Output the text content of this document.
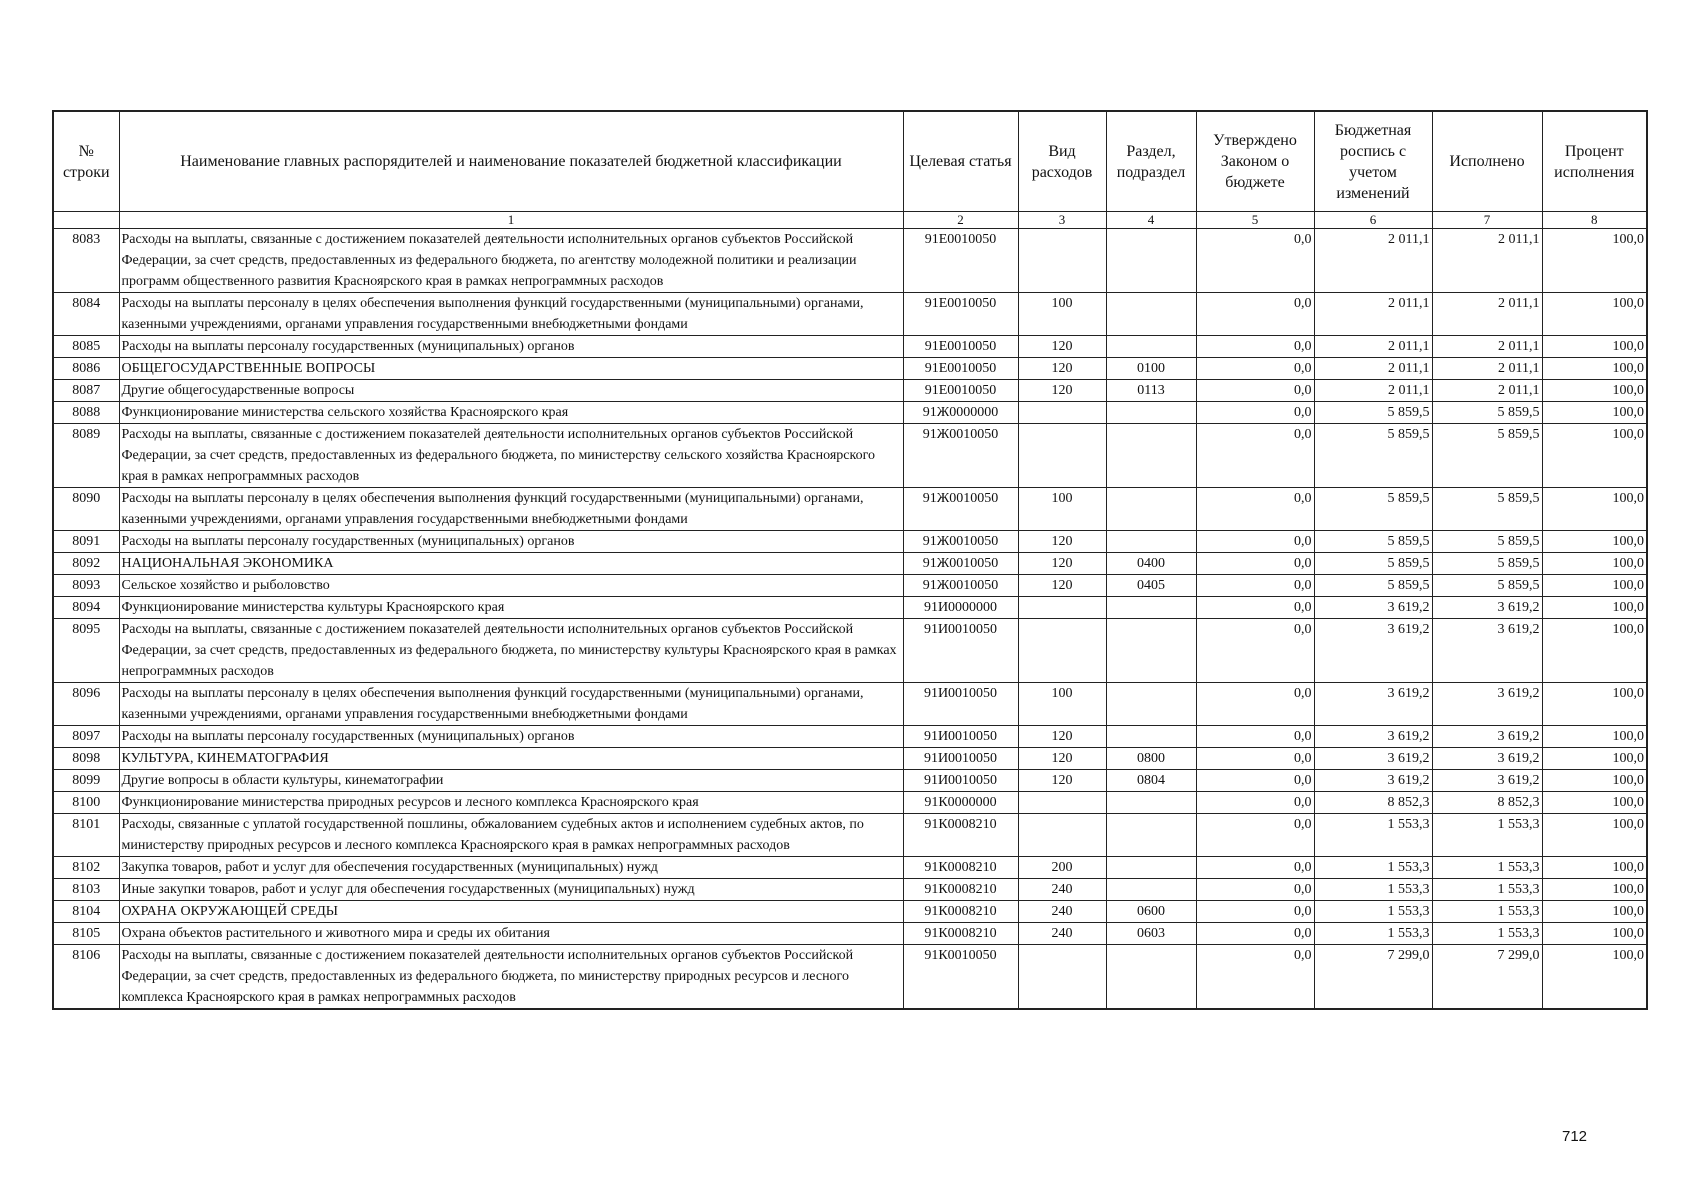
№ строки	Наименование главных распорядителей и наименование показателей бюджетной классификации	Целевая статья	Вид расходов	Раздел, подраздел	Утверждено Законом о бюджете	Бюджетная роспись с учетом изменений	Исполнено	Процент исполнения
	1	2	3	4	5	6	7	8
8083	Расходы на выплаты, связанные с достижением показателей деятельности исполнительных органов субъектов Российской Федерации, за счет средств, предоставленных из федерального бюджета, по агентству молодежной политики и реализации программ общественного развития Красноярского края в рамках непрограммных расходов	91Е0010050			0,0	2 011,1	2 011,1	100,0
8084	Расходы на выплаты персоналу в целях обеспечения выполнения функций государственными (муниципальными) органами, казенными учреждениями, органами управления государственными внебюджетными фондами	91Е0010050	100		0,0	2 011,1	2 011,1	100,0
8085	Расходы на выплаты персоналу государственных (муниципальных) органов	91Е0010050	120		0,0	2 011,1	2 011,1	100,0
8086	ОБЩЕГОСУДАРСТВЕННЫЕ ВОПРОСЫ	91Е0010050	120	0100	0,0	2 011,1	2 011,1	100,0
8087	Другие общегосударственные вопросы	91Е0010050	120	0113	0,0	2 011,1	2 011,1	100,0
8088	Функционирование министерства сельского хозяйства Красноярского края	91Ж0000000			0,0	5 859,5	5 859,5	100,0
8089	Расходы на выплаты, связанные с достижением показателей деятельности исполнительных органов субъектов Российской Федерации, за счет средств, предоставленных из федерального бюджета, по министерству сельского хозяйства Красноярского края в рамках непрограммных расходов	91Ж0010050			0,0	5 859,5	5 859,5	100,0
8090	Расходы на выплаты персоналу в целях обеспечения выполнения функций государственными (муниципальными) органами, казенными учреждениями, органами управления государственными внебюджетными фондами	91Ж0010050	100		0,0	5 859,5	5 859,5	100,0
8091	Расходы на выплаты персоналу государственных (муниципальных) органов	91Ж0010050	120		0,0	5 859,5	5 859,5	100,0
8092	НАЦИОНАЛЬНАЯ ЭКОНОМИКА	91Ж0010050	120	0400	0,0	5 859,5	5 859,5	100,0
8093	Сельское хозяйство и рыболовство	91Ж0010050	120	0405	0,0	5 859,5	5 859,5	100,0
8094	Функционирование министерства культуры Красноярского края	91И0000000			0,0	3 619,2	3 619,2	100,0
8095	Расходы на выплаты, связанные с достижением показателей деятельности исполнительных органов субъектов Российской Федерации, за счет средств, предоставленных из федерального бюджета, по министерству культуры Красноярского края в рамках непрограммных расходов	91И0010050			0,0	3 619,2	3 619,2	100,0
8096	Расходы на выплаты персоналу в целях обеспечения выполнения функций государственными (муниципальными) органами, казенными учреждениями, органами управления государственными внебюджетными фондами	91И0010050	100		0,0	3 619,2	3 619,2	100,0
8097	Расходы на выплаты персоналу государственных (муниципальных) органов	91И0010050	120		0,0	3 619,2	3 619,2	100,0
8098	КУЛЬТУРА, КИНЕМАТОГРАФИЯ	91И0010050	120	0800	0,0	3 619,2	3 619,2	100,0
8099	Другие вопросы в области культуры, кинематографии	91И0010050	120	0804	0,0	3 619,2	3 619,2	100,0
8100	Функционирование министерства природных ресурсов и лесного комплекса Красноярского края	91К0000000			0,0	8 852,3	8 852,3	100,0
8101	Расходы, связанные с уплатой государственной пошлины, обжалованием судебных актов и исполнением судебных актов, по министерству природных ресурсов и лесного комплекса Красноярского края в рамках непрограммных расходов	91К0008210			0,0	1 553,3	1 553,3	100,0
8102	Закупка товаров, работ и услуг для обеспечения государственных (муниципальных) нужд	91К0008210	200		0,0	1 553,3	1 553,3	100,0
8103	Иные закупки товаров, работ и услуг для обеспечения государственных (муниципальных) нужд	91К0008210	240		0,0	1 553,3	1 553,3	100,0
8104	ОХРАНА ОКРУЖАЮЩЕЙ СРЕДЫ	91К0008210	240	0600	0,0	1 553,3	1 553,3	100,0
8105	Охрана объектов растительного и животного мира и среды их обитания	91К0008210	240	0603	0,0	1 553,3	1 553,3	100,0
8106	Расходы на выплаты, связанные с достижением показателей деятельности исполнительных органов субъектов Российской Федерации, за счет средств, предоставленных из федерального бюджета, по министерству природных ресурсов и лесного комплекса Красноярского края в рамках непрограммных расходов	91К0010050			0,0	7 299,0	7 299,0	100,0
712
